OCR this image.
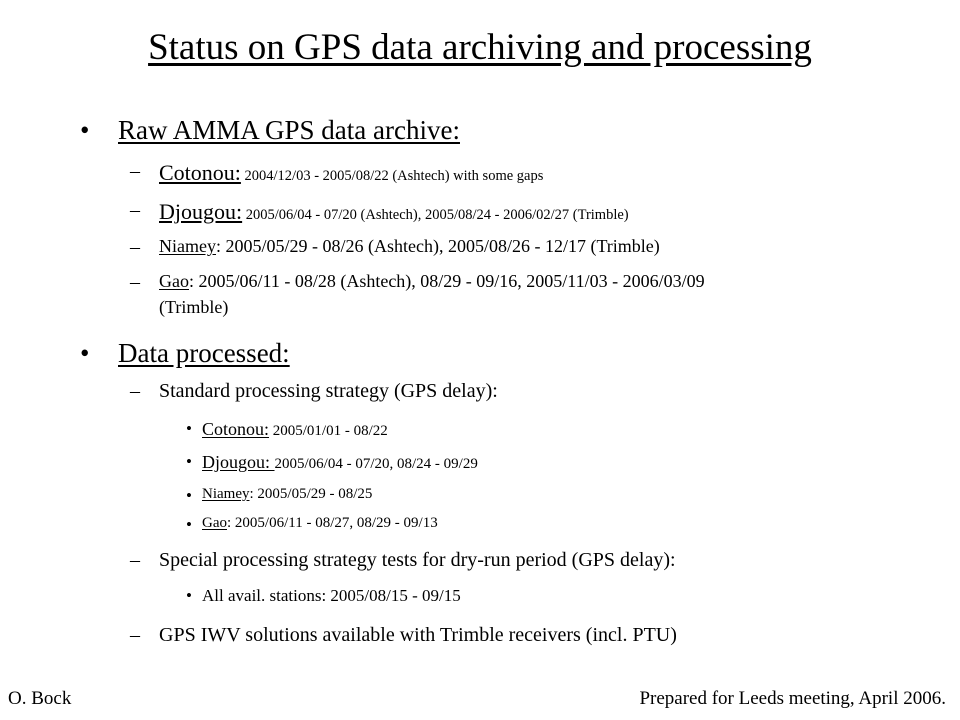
Status on GPS data archiving and processing
• Raw AMMA GPS data archive:
– Cotonou: 2004/12/03 - 2005/08/22 (Ashtech) with some gaps
– Djougou: 2005/06/04 - 07/20 (Ashtech), 2005/08/24 - 2006/02/27 (Trimble)
– Niamey: 2005/05/29 - 08/26 (Ashtech), 2005/08/26 - 12/17 (Trimble)
– Gao: 2005/06/11 - 08/28 (Ashtech), 08/29 - 09/16, 2005/11/03 - 2006/03/09
(Trimble)
• Data processed:
– Standard processing strategy (GPS delay):
• Cotonou: 2005/01/01 - 08/22
• Djougou: 2005/06/04 - 07/20, 08/24 - 09/29
• Niamey: 2005/05/29 - 08/25
• Gao: 2005/06/11 - 08/27, 08/29 - 09/13
– Special processing strategy tests for dry-run period (GPS delay):
• All avail. stations: 2005/08/15 - 09/15
– GPS IWV solutions available with Trimble receivers (incl. PTU)
O. Bock	Prepared for Leeds meeting, April 2006.
